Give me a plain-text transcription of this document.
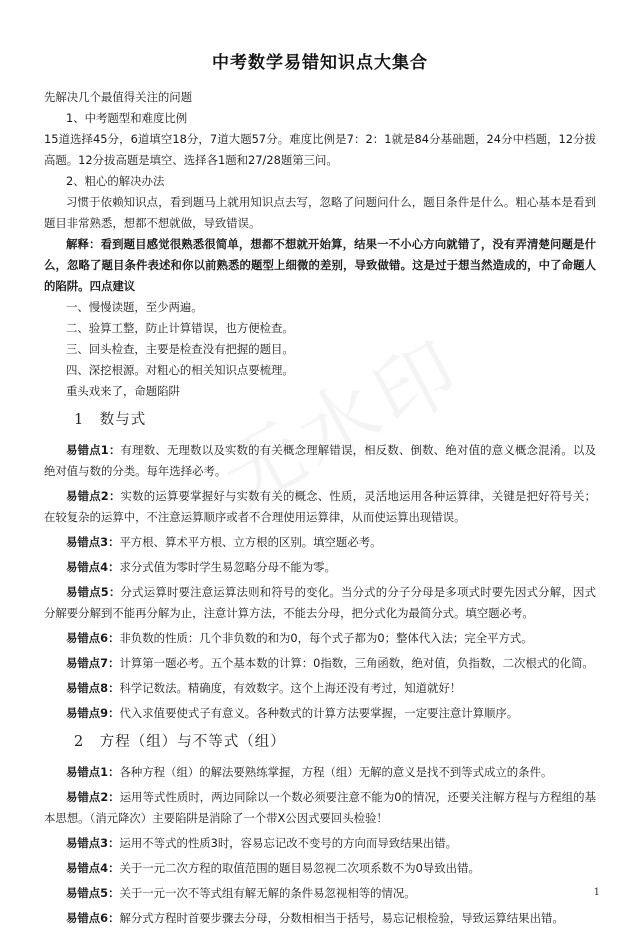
中考数学易错知识点大集合

先解决几个最值得关注的问题

1、中考题型和难度比例

15道选择45分，6道填空18分，7道大题57分。难度比例是7：2：1就是84分基础题，24分中档题，12分拔高题。12分拔高题是填空、选择各1题和27/28题第三问。

2、粗心的解决办法

习惯于依赖知识点，看到题马上就用知识点去写，忽略了问题问什么，题目条件是什么。粗心基本是看到题目非常熟悉，想都不想就做，导致错误。

解释：看到题目感觉很熟悉很简单，想都不想就开始算，结果一不小心方向就错了，没有弄清楚问题是什么，忽略了题目条件表述和你以前熟悉的题型上细微的差别，导致做错。这是过于想当然造成的，中了命题人的陷阱。四点建议

一、慢慢读题，至少两遍。

二、验算工整，防止计算错误，也方便检查。

三、回头检查，主要是检查没有把握的题目。

四、深挖根源。对粗心的相关知识点要梳理。

重头戏来了，命题陷阱

1　数与式

易错点1：有理数、无理数以及实数的有关概念理解错误，相反数、倒数、绝对值的意义概念混淆。以及绝对值与数的分类。每年选择必考。

易错点2：实数的运算要掌握好与实数有关的概念、性质，灵活地运用各种运算律，关键是把好符号关；在较复杂的运算中，不注意运算顺序或者不合理使用运算律，从而使运算出现错误。

易错点3：平方根、算术平方根、立方根的区别。填空题必考。

易错点4：求分式值为零时学生易忽略分母不能为零。

易错点5：分式运算时要注意运算法则和符号的变化。当分式的分子分母是多项式时要先因式分解，因式分解要分解到不能再分解为止，注意计算方法，不能去分母，把分式化为最简分式。填空题必考。

易错点6：非负数的性质：几个非负数的和为0，每个式子都为0；整体代入法；完全平方式。

易错点7：计算第一题必考。五个基本数的计算：0指数，三角函数，绝对值，负指数，二次根式的化简。

易错点8：科学记数法。精确度，有效数字。这个上海还没有考过，知道就好！

易错点9：代入求值要使式子有意义。各种数式的计算方法要掌握，一定要注意计算顺序。

2　方程（组）与不等式（组）

易错点1：各种方程（组）的解法要熟练掌握，方程（组）无解的意义是找不到等式成立的条件。

易错点2：运用等式性质时，两边同除以一个数必须要注意不能为0的情况，还要关注解方程与方程组的基本思想。（消元降次）主要陷阱是消除了一个带X公因式要回头检验！

易错点3：运用不等式的性质3时，容易忘记改不变号的方向而导致结果出错。

易错点4：关于一元二次方程的取值范围的题目易忽视二次项系数不为0导致出错。

易错点5：关于一元一次不等式组有解无解的条件易忽视相等的情况。

易错点6：解分式方程时首要步骤去分母，分数相相当于括号，易忘记根检验，导致运算结果出错。

1
